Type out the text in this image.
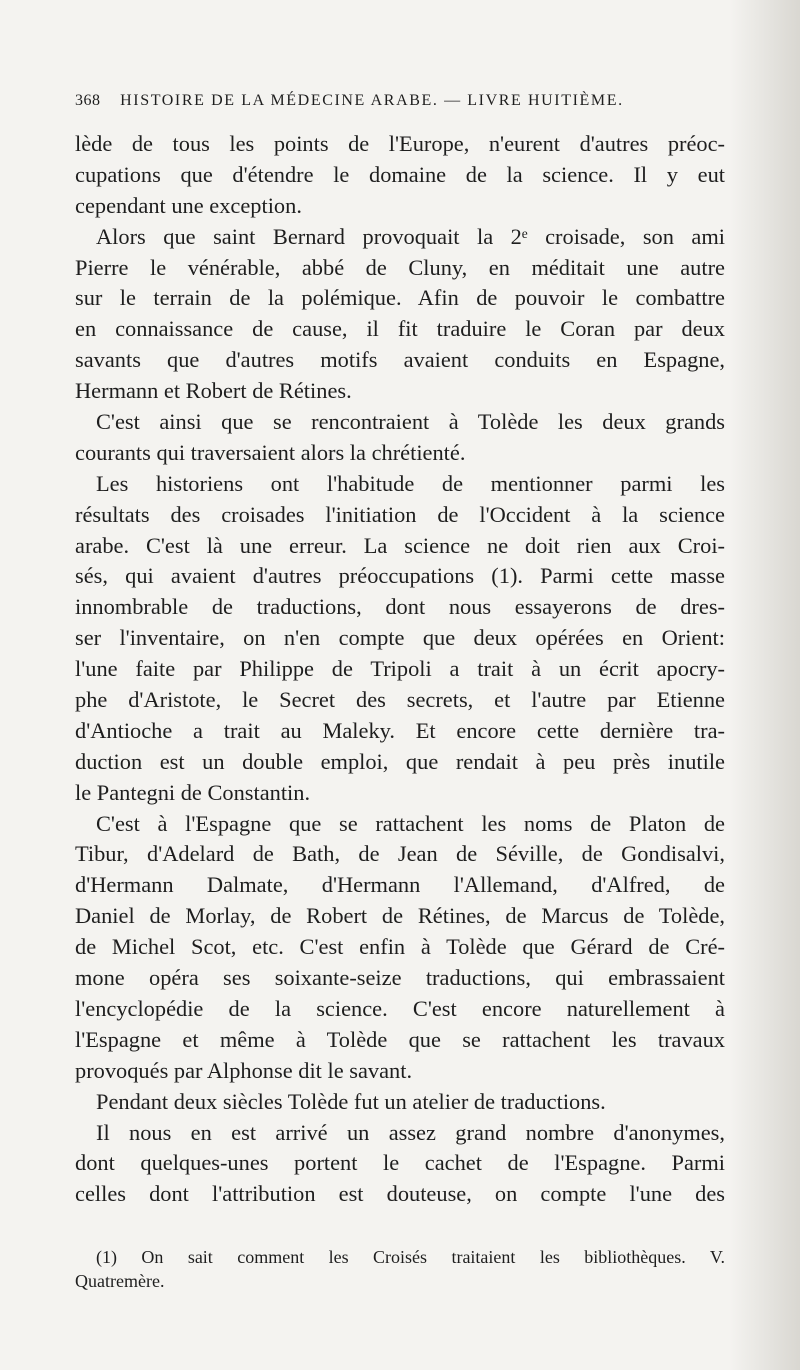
368 HISTOIRE DE LA MÉDECINE ARABE. — LIVRE HUITIÈME.
lède de tous les points de l'Europe, n'eurent d'autres préoc-
cupations que d'étendre le domaine de la science. Il y eut
cependant une exception.
Alors que saint Bernard provoquait la 2ᵉ croisade, son ami
Pierre le vénérable, abbé de Cluny, en méditait une autre
sur le terrain de la polémique. Afin de pouvoir le combattre
en connaissance de cause, il fit traduire le Coran par deux
savants que d'autres motifs avaient conduits en Espagne,
Hermann et Robert de Rétines.
C'est ainsi que se rencontraient à Tolède les deux grands
courants qui traversaient alors la chrétienté.
Les historiens ont l'habitude de mentionner parmi les
résultats des croisades l'initiation de l'Occident à la science
arabe. C'est là une erreur. La science ne doit rien aux Croi-
sés, qui avaient d'autres préoccupations (1). Parmi cette masse
innombrable de traductions, dont nous essayerons de dres-
ser l'inventaire, on n'en compte que deux opérées en Orient:
l'une faite par Philippe de Tripoli a trait à un écrit apocry-
phe d'Aristote, le Secret des secrets, et l'autre par Etienne
d'Antioche a trait au Maleky. Et encore cette dernière tra-
duction est un double emploi, que rendait à peu près inutile
le Pantegni de Constantin.
C'est à l'Espagne que se rattachent les noms de Platon de
Tibur, d'Adelard de Bath, de Jean de Séville, de Gondisalvi,
d'Hermann Dalmate, d'Hermann l'Allemand, d'Alfred, de
Daniel de Morlay, de Robert de Rétines, de Marcus de Tolède,
de Michel Scot, etc. C'est enfin à Tolède que Gérard de Cré-
mone opéra ses soixante-seize traductions, qui embrassaient
l'encyclopédie de la science. C'est encore naturellement à
l'Espagne et même à Tolède que se rattachent les travaux
provoqués par Alphonse dit le savant.
Pendant deux siècles Tolède fut un atelier de traductions.
Il nous en est arrivé un assez grand nombre d'anonymes,
dont quelques-unes portent le cachet de l'Espagne. Parmi
celles dont l'attribution est douteuse, on compte l'une des
(1) On sait comment les Croisés traitaient les bibliothèques. V.
Quatremère.
